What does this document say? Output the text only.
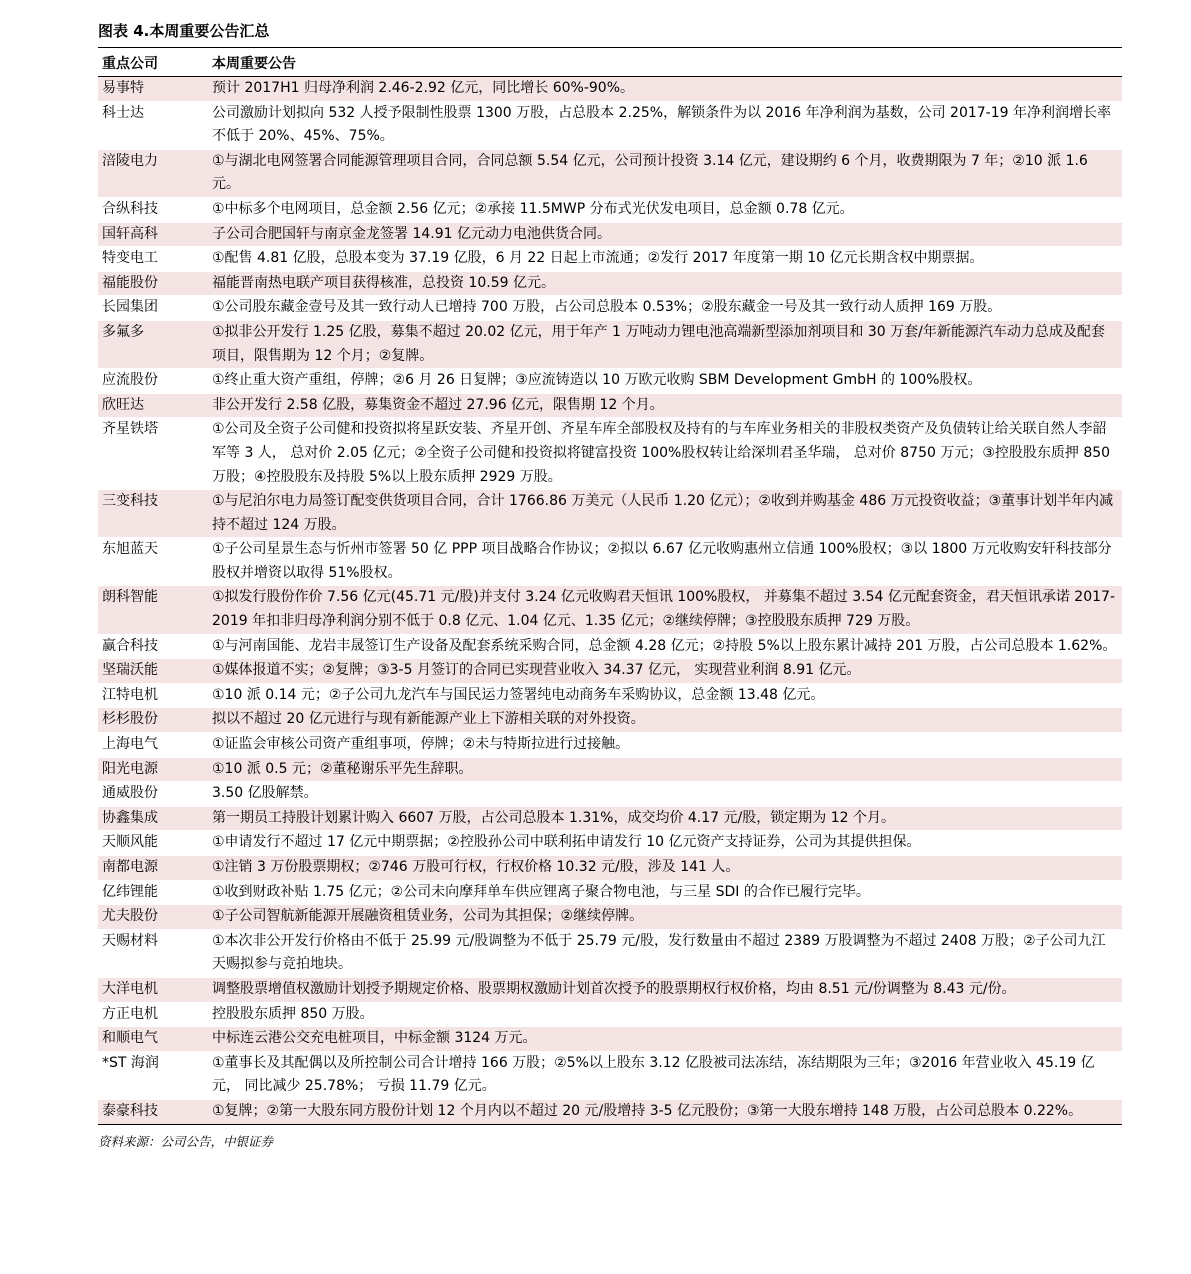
图表 4.本周重要公告汇总
重点公司	本周重要公告
易事特	预计 2017H1 归母净利润 2.46-2.92 亿元，同比增长 60%-90%。
科士达	公司激励计划拟向 532 人授予限制性股票 1300 万股，占总股本 2.25%，解锁条件为以 2016 年净利润为基数，公司 2017-19 年净利润增长率不低于 20%、45%、75%。
涪陵电力	①与湖北电网签署合同能源管理项目合同，合同总额 5.54 亿元，公司预计投资 3.14 亿元，建设期约 6 个月，收费期限为 7 年；②10 派 1.6 元。
合纵科技	①中标多个电网项目，总金额 2.56 亿元；②承接 11.5MWP 分布式光伏发电项目，总金额 0.78 亿元。
国轩高科	子公司合肥国轩与南京金龙签署 14.91 亿元动力电池供货合同。
特变电工	①配售 4.81 亿股，总股本变为 37.19 亿股，6 月 22 日起上市流通；②发行 2017 年度第一期 10 亿元长期含权中期票据。
福能股份	福能晋南热电联产项目获得核准，总投资 10.59 亿元。
长园集团	①公司股东藏金壹号及其一致行动人已增持 700 万股，占公司总股本 0.53%；②股东藏金一号及其一致行动人质押 169 万股。
多氟多	①拟非公开发行 1.25 亿股，募集不超过 20.02 亿元，用于年产 1 万吨动力锂电池高端新型添加剂项目和 30 万套/年新能源汽车动力总成及配套项目，限售期为 12 个月；②复牌。
应流股份	①终止重大资产重组，停牌；②6 月 26 日复牌；③应流铸造以 10 万欧元收购 SBM Development GmbH 的 100%股权。
欣旺达	非公开发行 2.58 亿股，募集资金不超过 27.96 亿元，限售期 12 个月。
齐星铁塔	①公司及全资子公司健和投资拟将星跃安装、齐星开创、齐星车库全部股权及持有的与车库业务相关的非股权类资产及负债转让给关联自然人李韶军等 3 人， 总对价 2.05 亿元；②全资子公司健和投资拟将键富投资 100%股权转让给深圳君圣华瑞， 总对价 8750 万元；③控股股东质押 850 万股；④控股股东及持股 5%以上股东质押 2929 万股。
三变科技	①与尼泊尔电力局签订配变供货项目合同，合计 1766.86 万美元（人民币 1.20 亿元）；②收到并购基金 486 万元投资收益；③董事计划半年内减持不超过 124 万股。
东旭蓝天	①子公司星景生态与忻州市签署 50 亿 PPP 项目战略合作协议；②拟以 6.67 亿元收购惠州立信通 100%股权；③以 1800 万元收购安轩科技部分股权并增资以取得 51%股权。
朗科智能	①拟发行股份作价 7.56 亿元(45.71 元/股)并支付 3.24 亿元收购君天恒讯 100%股权， 并募集不超过 3.54 亿元配套资金，君天恒讯承诺 2017-2019 年扣非归母净利润分别不低于 0.8 亿元、1.04 亿元、1.35 亿元；②继续停牌；③控股股东质押 729 万股。
赢合科技	①与河南国能、龙岩丰晟签订生产设备及配套系统采购合同，总金额 4.28 亿元；②持股 5%以上股东累计减持 201 万股，占公司总股本 1.62%。
坚瑞沃能	①媒体报道不实；②复牌；③3-5 月签订的合同已实现营业收入 34.37 亿元， 实现营业利润 8.91 亿元。
江特电机	①10 派 0.14 元；②子公司九龙汽车与国民运力签署纯电动商务车采购协议，总金额 13.48 亿元。
杉杉股份	拟以不超过 20 亿元进行与现有新能源产业上下游相关联的对外投资。
上海电气	①证监会审核公司资产重组事项，停牌；②未与特斯拉进行过接触。
阳光电源	①10 派 0.5 元；②董秘谢乐平先生辞职。
通威股份	3.50 亿股解禁。
协鑫集成	第一期员工持股计划累计购入 6607 万股，占公司总股本 1.31%，成交均价 4.17 元/股，锁定期为 12 个月。
天顺风能	①申请发行不超过 17 亿元中期票据；②控股孙公司中联利拓申请发行 10 亿元资产支持证券，公司为其提供担保。
南都电源	①注销 3 万份股票期权；②746 万股可行权，行权价格 10.32 元/股，涉及 141 人。
亿纬锂能	①收到财政补贴 1.75 亿元；②公司未向摩拜单车供应锂离子聚合物电池，与三星 SDI 的合作已履行完毕。
尤夫股份	①子公司智航新能源开展融资租赁业务，公司为其担保；②继续停牌。
天赐材料	①本次非公开发行价格由不低于 25.99 元/股调整为不低于 25.79 元/股，发行数量由不超过 2389 万股调整为不超过 2408 万股；②子公司九江天赐拟参与竞拍地块。
大洋电机	调整股票增值权激励计划授予期规定价格、股票期权激励计划首次授予的股票期权行权价格，均由 8.51 元/份调整为 8.43 元/份。
方正电机	控股股东质押 850 万股。
和顺电气	中标连云港公交充电桩项目，中标金额 3124 万元。
*ST 海润	①董事长及其配偶以及所控制公司合计增持 166 万股；②5%以上股东 3.12 亿股被司法冻结，冻结期限为三年；③2016 年营业收入 45.19 亿元， 同比减少 25.78%； 亏损 11.79 亿元。
泰豪科技	①复牌；②第一大股东同方股份计划 12 个月内以不超过 20 元/股增持 3-5 亿元股份；③第一大股东增持 148 万股，占公司总股本 0.22%。
资料来源：公司公告，中银证券
